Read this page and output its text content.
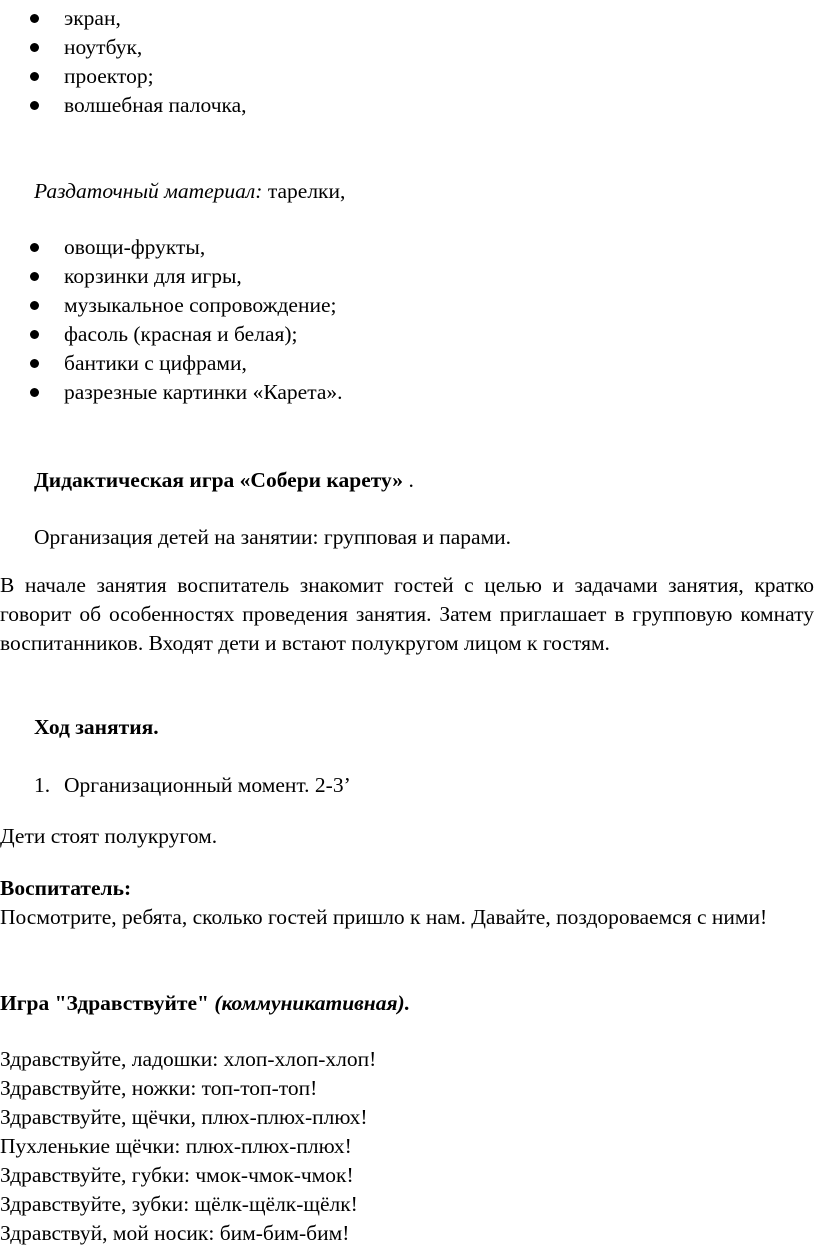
экран,
ноутбук,
проектор;
волшебная палочка,
Раздаточный материал: тарелки,
овощи-фрукты,
корзинки для игры,
музыкальное сопровождение;
фасоль (красная и белая);
бантики с цифрами,
разрезные картинки «Карета».
Дидактическая игра «Собери карету» .
Организация детей на занятии: групповая и парами.
В начале занятия воспитатель знакомит гостей с целью и задачами занятия, кратко говорит об особенностях проведения занятия. Затем приглашает в групповую комнату воспитанников. Входят дети и встают полукругом лицом к гостям.
Ход занятия.
1. Организационный момент. 2-3’
Дети стоят полукругом.
Воспитатель:
Посмотрите, ребята, сколько гостей пришло к нам. Давайте, поздороваемся с ними!
Игра "Здравствуйте" (коммуникативная).
Здравствуйте, ладошки: хлоп-хлоп-хлоп!
Здравствуйте, ножки: топ-топ-топ!
Здравствуйте, щёчки, плюх-плюх-плюх!
Пухленькие щёчки: плюх-плюх-плюх!
Здравствуйте, губки: чмок-чмок-чмок!
Здравствуйте, зубки: щёлк-щёлк-щёлк!
Здравствуй, мой носик: бим-бим-бим!
